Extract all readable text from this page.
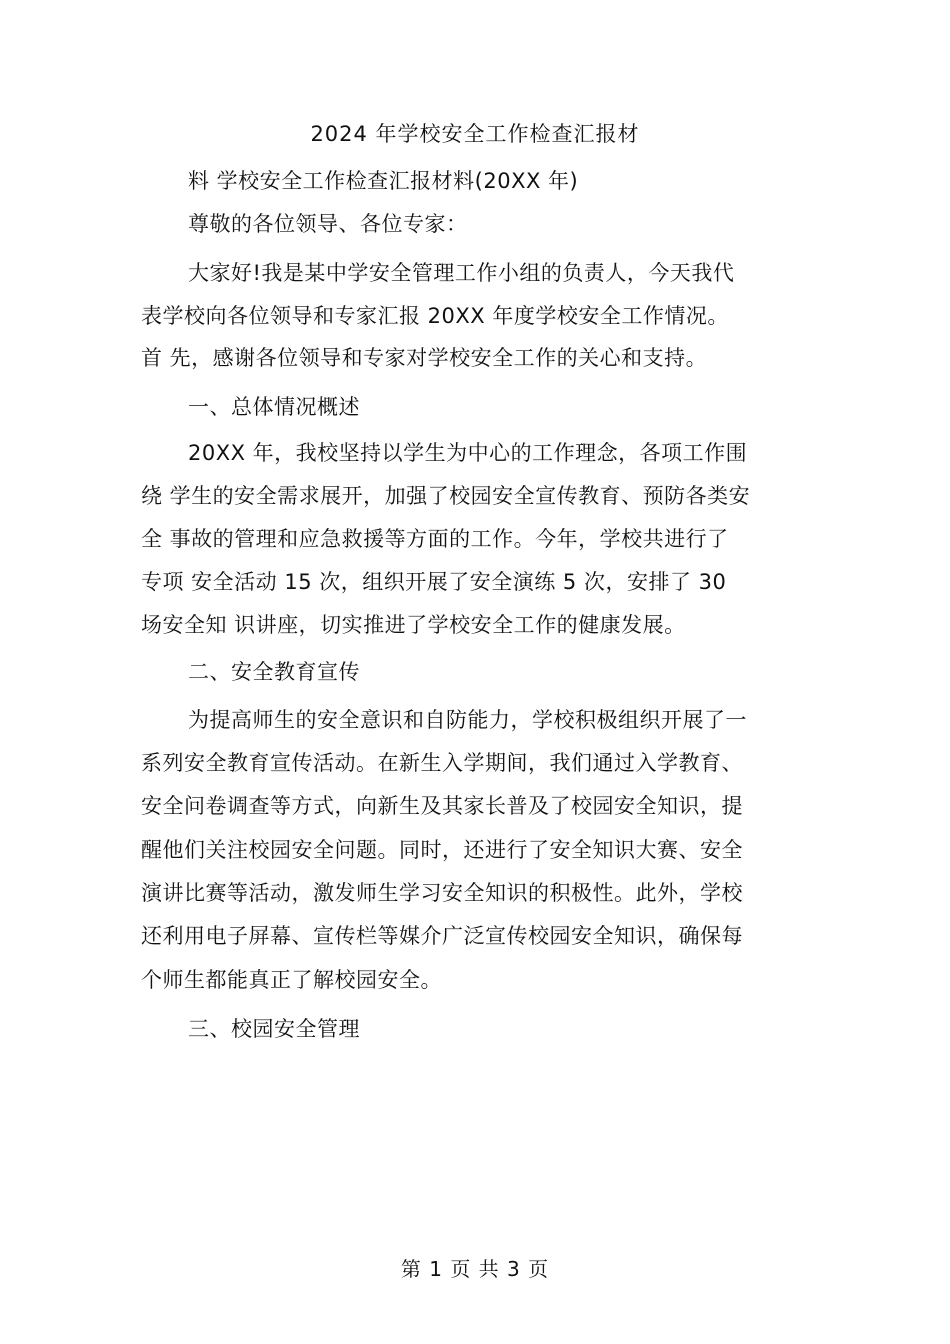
2024 年学校安全工作检查汇报材
料 学校安全工作检查汇报材料(20XX 年)
尊敬的各位领导、各位专家：
大家好!我是某中学安全管理工作小组的负责人，今天我代
表学校向各位领导和专家汇报 20XX 年度学校安全工作情况。
首 先，感谢各位领导和专家对学校安全工作的关心和支持。
一、总体情况概述
20XX 年，我校坚持以学生为中心的工作理念，各项工作围
绕 学生的安全需求展开，加强了校园安全宣传教育、预防各类安
全 事故的管理和应急救援等方面的工作。今年，学校共进行了
专项 安全活动 15 次，组织开展了安全演练 5 次，安排了 30
场安全知 识讲座，切实推进了学校安全工作的健康发展。
二、安全教育宣传
为提高师生的安全意识和自防能力，学校积极组织开展了一
系列安全教育宣传活动。在新生入学期间，我们通过入学教育、
安全问卷调查等方式，向新生及其家长普及了校园安全知识，提
醒他们关注校园安全问题。同时，还进行了安全知识大赛、安全
演讲比赛等活动，激发师生学习安全知识的积极性。此外，学校
还利用电子屏幕、宣传栏等媒介广泛宣传校园安全知识，确保每
个师生都能真正了解校园安全。
三、校园安全管理
第 1 页 共 3 页
